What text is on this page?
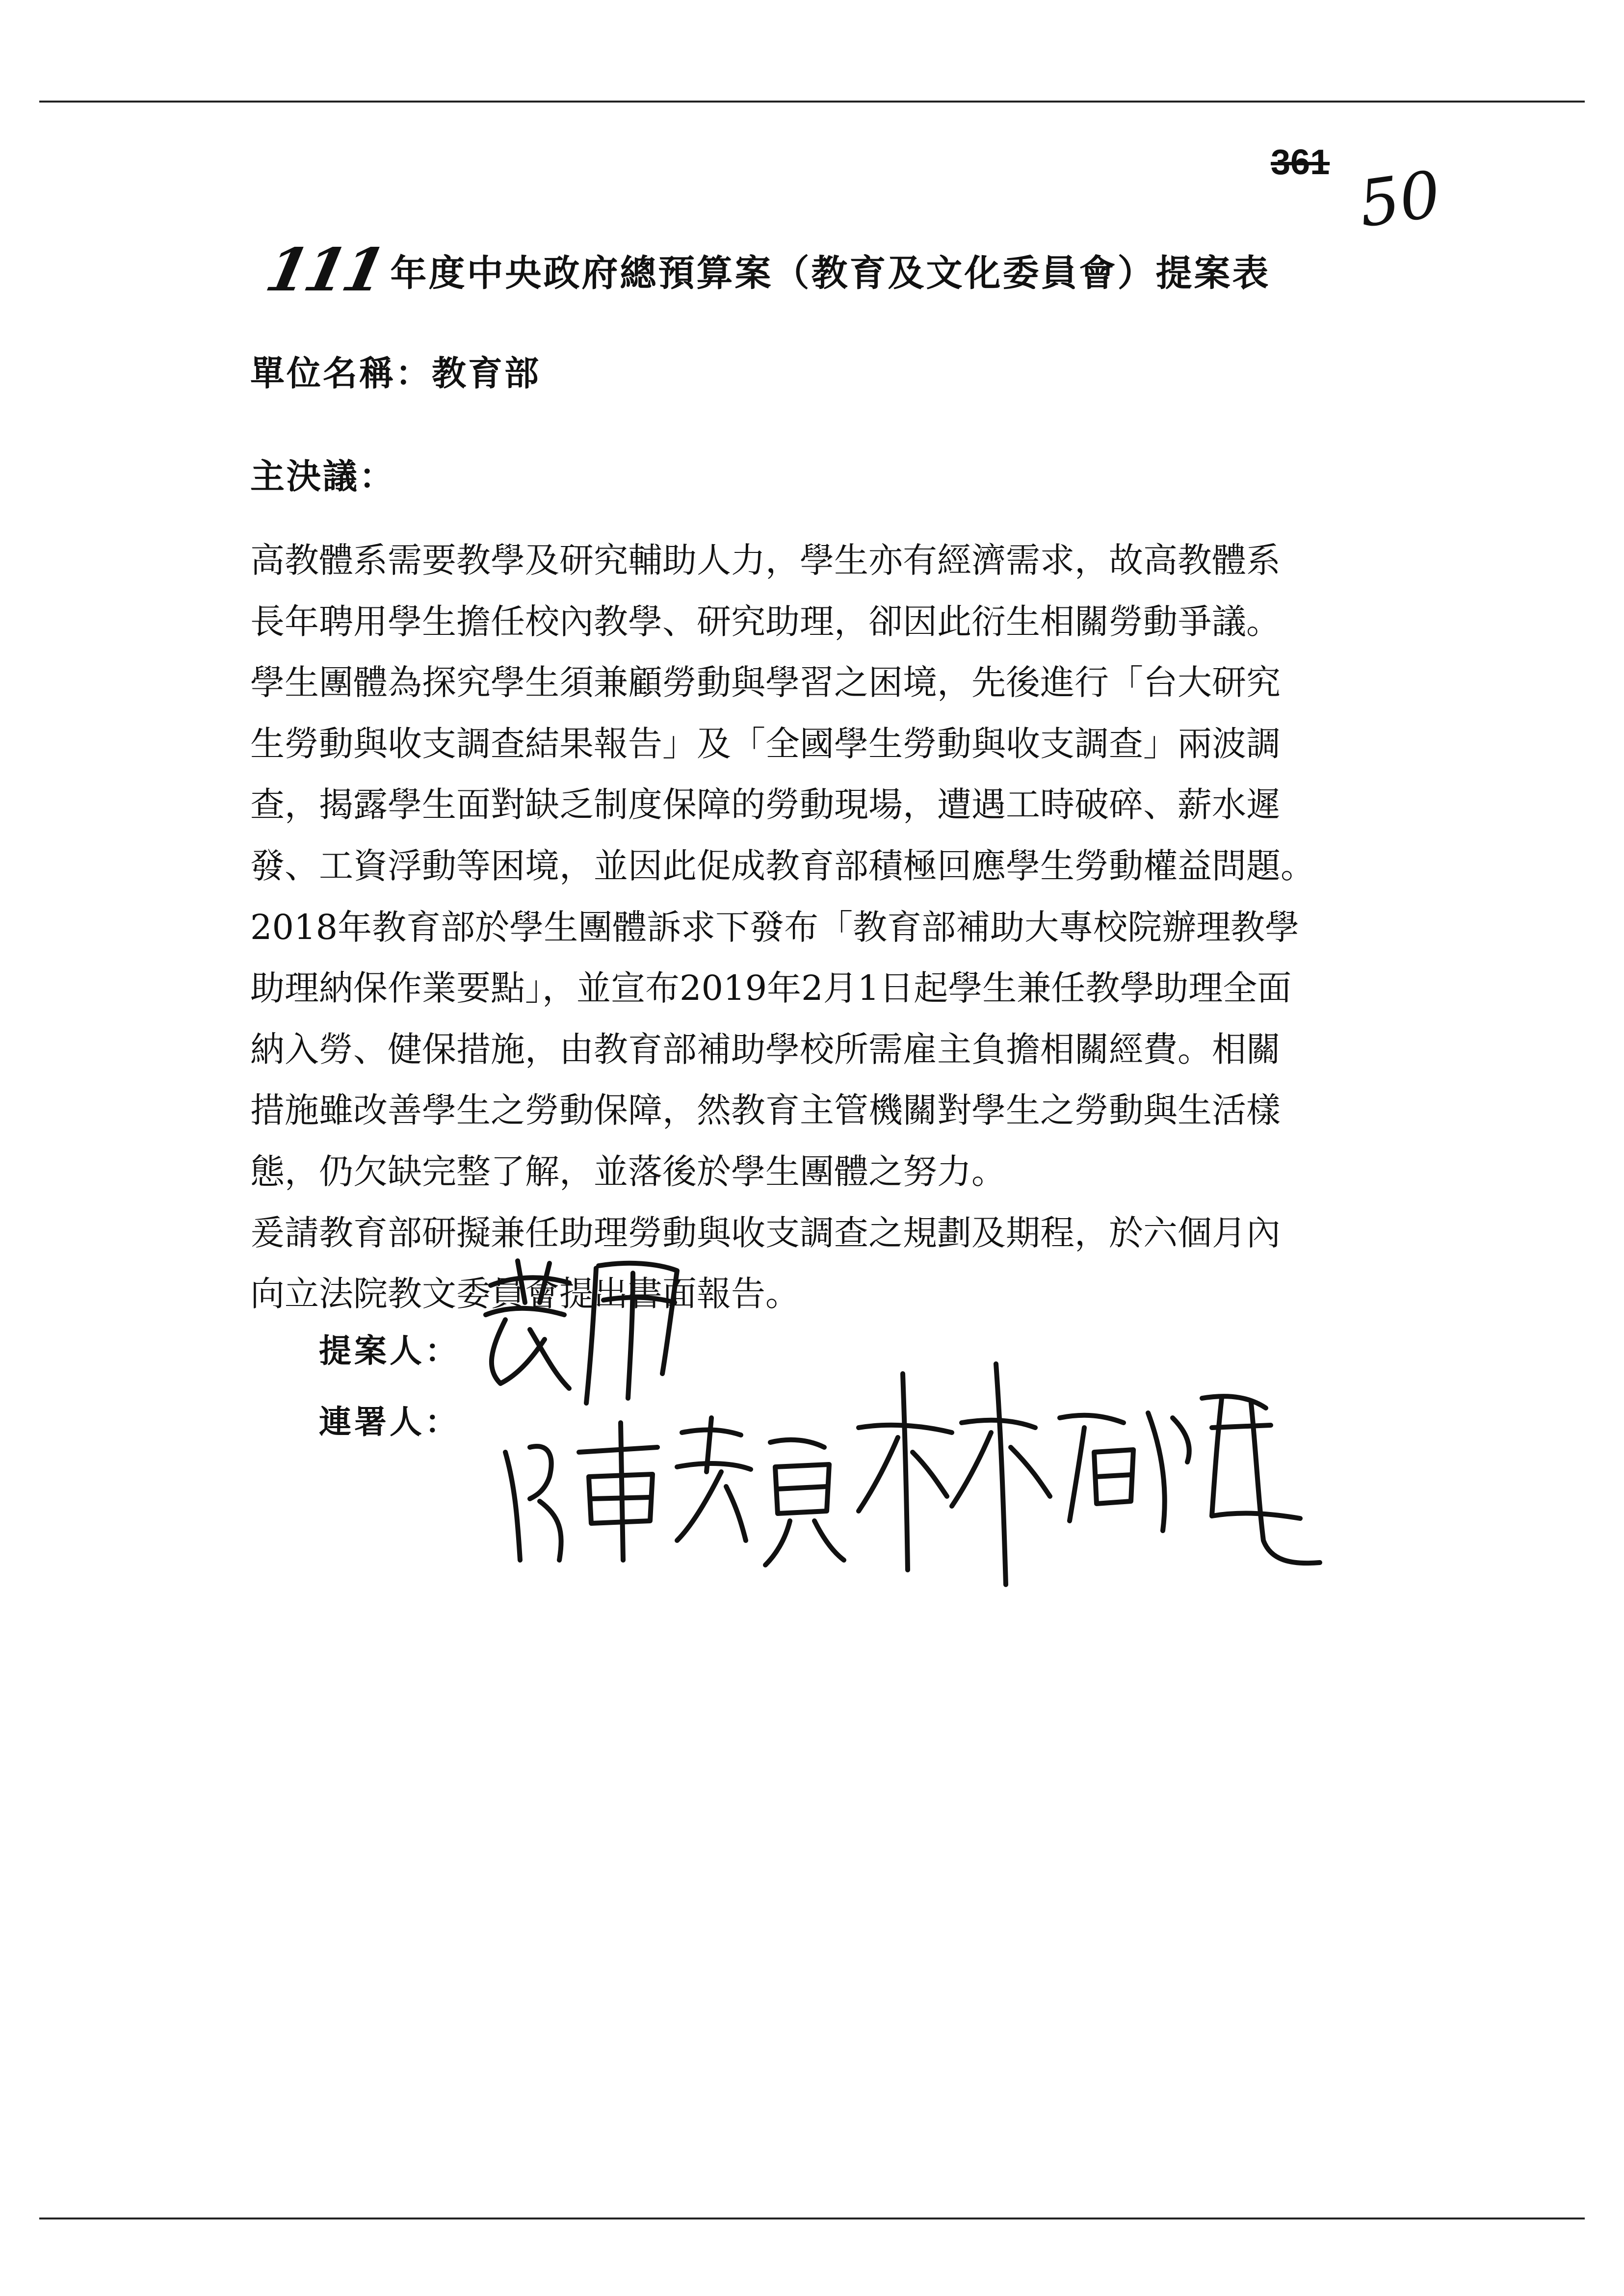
361 50
111 年度中央政府總預算案（教育及文化委員會）提案表
單位名稱：教育部
主決議：

高教體系需要教學及研究輔助人力，學生亦有經濟需求，故高教體系
長年聘用學生擔任校內教學、研究助理，卻因此衍生相關勞動爭議。
學生團體為探究學生須兼顧勞動與學習之困境，先後進行「台大研究
生勞動與收支調查結果報告」及「全國學生勞動與收支調查」兩波調
查，揭露學生面對缺乏制度保障的勞動現場，遭遇工時破碎、薪水遲
發、工資浮動等困境，並因此促成教育部積極回應學生勞動權益問題。
2018年教育部於學生團體訴求下發布「教育部補助大專校院辦理教學
助理納保作業要點」，並宣布2019年2月1日起學生兼任教學助理全面
納入勞、健保措施，由教育部補助學校所需雇主負擔相關經費。相關
措施雖改善學生之勞動保障，然教育主管機關對學生之勞動與生活樣
態，仍欠缺完整了解，並落後於學生團體之努力。
爰請教育部研擬兼任助理勞動與收支調查之規劃及期程，於六個月內
向立法院教文委員會提出書面報告。

提案人：
連署人：
